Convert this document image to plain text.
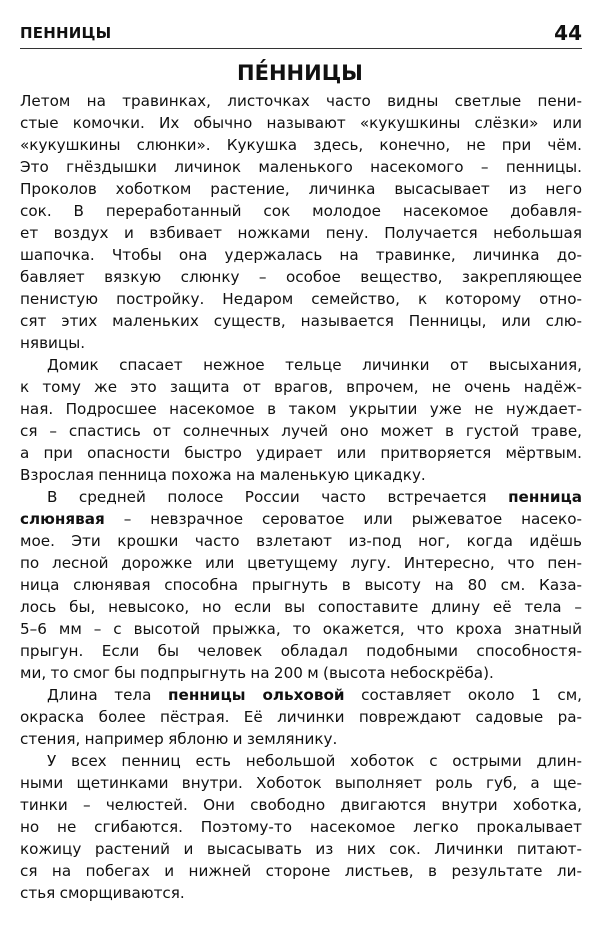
ПЕННИЦЫ	44
ПЕ́ННИЦЫ
Летом на травинках, листочках часто видны светлые пени-
стые комочки. Их обычно называют «кукушкины слёзки» или
«кукушкины слюнки». Кукушка здесь, конечно, не при чём.
Это гнёздышки личинок маленького насекомого – пенницы.
Проколов хоботком растение, личинка высасывает из него
сок. В переработанный сок молодое насекомое добавля-
ет воздух и взбивает ножками пену. Получается небольшая
шапочка. Чтобы она удержалась на травинке, личинка до-
бавляет вязкую слюнку – особое вещество, закрепляющее
пенистую постройку. Недаром семейство, к которому отно-
сят этих маленьких существ, называется Пенницы, или слю-
нявицы.
Домик спасает нежное тельце личинки от высыхания,
к тому же это защита от врагов, впрочем, не очень надёж-
ная. Подросшее насекомое в таком укрытии уже не нуждает-
ся – спастись от солнечных лучей оно может в густой траве,
а при опасности быстро удирает или притворяется мёртвым.
Взрослая пенница похожа на маленькую цикадку.
В средней полосе России часто встречается пенница
слюнявая – невзрачное сероватое или рыжеватое насеко-
мое. Эти крошки часто взлетают из-под ног, когда идёшь
по лесной дорожке или цветущему лугу. Интересно, что пен-
ница слюнявая способна прыгнуть в высоту на 80 см. Каза-
лось бы, невысоко, но если вы сопоставите длину её тела –
5–6 мм – с высотой прыжка, то окажется, что кроха знатный
прыгун. Если бы человек обладал подобными способностя-
ми, то смог бы подпрыгнуть на 200 м (высота небоскрёба).
Длина тела пенницы ольховой составляет около 1 см,
окраска более пёстрая. Её личинки повреждают садовые ра-
стения, например яблоню и землянику.
У всех пенниц есть небольшой хоботок с острыми длин-
ными щетинками внутри. Хоботок выполняет роль губ, а ще-
тинки – челюстей. Они свободно двигаются внутри хоботка,
но не сгибаются. Поэтому-то насекомое легко прокалывает
кожицу растений и высасывать из них сок. Личинки питают-
ся на побегах и нижней стороне листьев, в результате ли-
стья сморщиваются.
